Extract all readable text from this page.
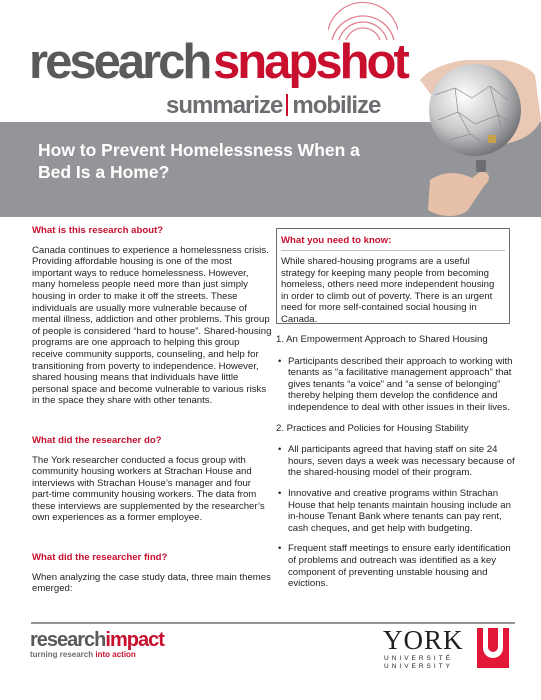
research snapshot
summarize mobilize
How to Prevent Homelessness When a Bed Is a Home?
What is this research about?

Canada continues to experience a homelessness crisis. Providing affordable housing is one of the most important ways to reduce homelessness. However, many homeless people need more than just simply housing in order to make it off the streets. These individuals are usually more vulnerable because of mental illness, addiction and other problems. This group of people is considered “hard to house”. Shared-housing programs are one approach to helping this group receive community supports, counseling, and help for transitioning from poverty to independence. However, shared housing means that individuals have little personal space and become vulnerable to various risks in the space they share with other tenants.

What did the researcher do?

The York researcher conducted a focus group with community housing workers at Strachan House and interviews with Strachan House’s manager and four part-time community housing workers. The data from these interviews are supplemented by the researcher’s own experiences as a former employee.

What did the researcher find?

When analyzing the case study data, three main themes emerged:

What you need to know:
While shared-housing programs are a useful strategy for keeping many people from becoming homeless, others need more independent housing in order to climb out of poverty. There is an urgent need for more self-contained social housing in Canada.
1. An Empowerment Approach to Shared Housing
• Participants described their approach to working with tenants as “a facilitative management approach” that gives tenants “a voice” and “a sense of belonging” thereby helping them develop the confidence and independence to deal with other issues in their lives.
2. Practices and Policies for Housing Stability
• All participants agreed that having staff on site 24 hours, seven days a week was necessary because of the shared-housing model of their program.
• Innovative and creative programs within Strachan House that help tenants maintain housing include an in-house Tenant Bank where tenants can pay rent, cash cheques, and get help with budgeting.
• Frequent staff meetings to ensure early identification of problems and outreach was identified as a key component of preventing unstable housing and evictions.
researchimpact
turning research into action	YORK
UNIVERSITÉ
UNIVERSITY
